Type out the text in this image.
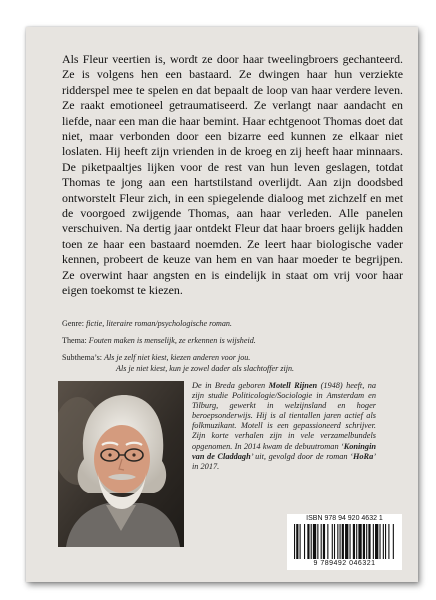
Als Fleur veertien is, wordt ze door haar tweelingbroers gechanteerd. Ze is volgens hen een bastaard. Ze dwingen haar hun verziekte ridderspel mee te spelen en dat bepaalt de loop van haar verdere leven. Ze raakt emotioneel getraumatiseerd. Ze verlangt naar aandacht en liefde, naar een man die haar bemint. Haar echtgenoot Thomas doet dat niet, maar verbonden door een bizarre eed kunnen ze elkaar niet loslaten. Hij heeft zijn vrienden in de kroeg en zij heeft haar minnaars. De piketpaaltjes lijken voor de rest van hun leven geslagen, totdat Thomas te jong aan een hartstilstand overlijdt. Aan zijn doodsbed ontworstelt Fleur zich, in een spiegelende dialoog met zichzelf en met de voorgoed zwijgende Thomas, aan haar verleden. Alle panelen verschuiven. Na dertig jaar ontdekt Fleur dat haar broers gelijk hadden toen ze haar een bastaard noemden. Ze leert haar biologische vader kennen, probeert de keuze van hem en van haar moeder te begrijpen. Ze overwint haar angsten en is eindelijk in staat om vrij voor haar eigen toekomst te kiezen.

Genre: fictie, literaire roman/psychologische roman.
Thema: Fouten maken is menselijk, ze erkennen is wijsheid.
Subthema’s: Als je zelf niet kiest, kiezen anderen voor jou.
Als je niet kiest, kun je zowel dader als slachtoffer zijn.

De in Breda geboren Motell Rijnen (1948) heeft, na zijn studie Politicologie/Sociologie in Amsterdam en Tilburg, gewerkt in welzijnsland en hoger beroepsonderwijs. Hij is al tientallen jaren actief als folkmuzikant. Motell is een gepassioneerd schrijver. Zijn korte verhalen zijn in vele verzamelbundels opgenomen. In 2014 kwam de debuutroman ‘Koningin van de Claddagh’ uit, gevolgd door de roman ‘HoRa’ in 2017.

ISBN 978 94 920 4632 1
9 789492 046321
